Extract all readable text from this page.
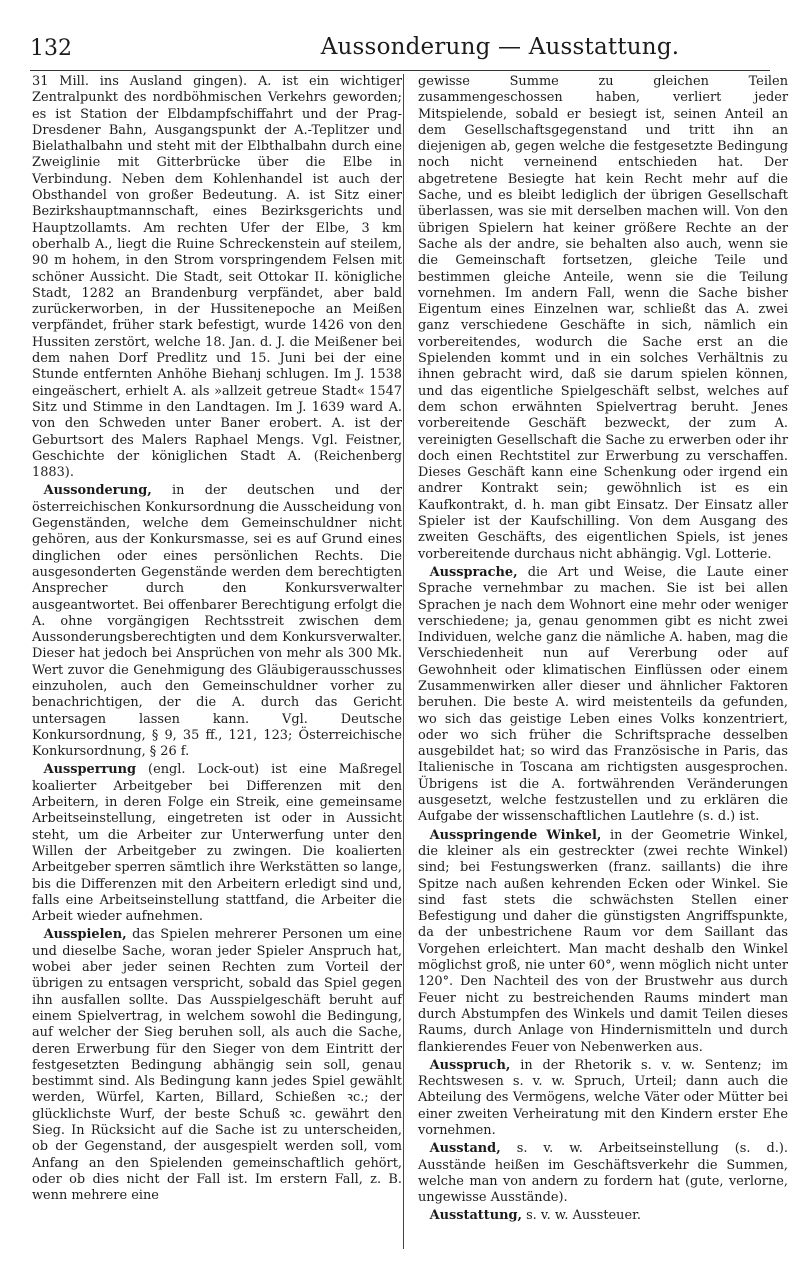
132	Aussonderung — Ausstattung.

31 Mill. ins Ausland gingen). A. ist ein wichtiger Zentralpunkt des nordböhmischen Verkehrs geworden; es ist Station der Elbdampfschiffahrt und der Prag-Dresdener Bahn, Ausgangspunkt der A.-Teplitzer und Bielathalbahn und steht mit der Elbthalbahn durch eine Zweiglinie mit Gitterbrücke über die Elbe in Verbindung. Neben dem Kohlenhandel ist auch der Obsthandel von großer Bedeutung. A. ist Sitz einer Bezirkshauptmannschaft, eines Bezirksgerichts und Hauptzollamts. Am rechten Ufer der Elbe, 3 km oberhalb A., liegt die Ruine Schreckenstein auf steilem, 90 m hohem, in den Strom vorspringendem Felsen mit schöner Aussicht. Die Stadt, seit Ottokar II. königliche Stadt, 1282 an Brandenburg verpfändet, aber bald zurückerworben, in der Hussitenepoche an Meißen verpfändet, früher stark befestigt, wurde 1426 von den Hussiten zerstört, welche 18. Jan. d. J. die Meißener bei dem nahen Dorf Predlitz und 15. Juni bei der eine Stunde entfernten Anhöhe Biehanj schlugen. Im J. 1538 eingeäschert, erhielt A. als »allzeit getreue Stadt« 1547 Sitz und Stimme in den Landtagen. Im J. 1639 ward A. von den Schweden unter Baner erobert. A. ist der Geburtsort des Malers Raphael Mengs. Vgl. Feistner, Geschichte der königlichen Stadt A. (Reichenberg 1883).

Aussonderung, in der deutschen und der österreichischen Konkursordnung die Ausscheidung von Gegenständen, welche dem Gemeinschuldner nicht gehören, aus der Konkursmasse, sei es auf Grund eines dinglichen oder eines persönlichen Rechts. Die ausgesonderten Gegenstände werden dem berechtigten Ansprecher durch den Konkursverwalter ausgeantwortet. Bei offenbarer Berechtigung erfolgt die A. ohne vorgängigen Rechtsstreit zwischen dem Aussonderungsberechtigten und dem Konkursverwalter. Dieser hat jedoch bei Ansprüchen von mehr als 300 Mk. Wert zuvor die Genehmigung des Gläubigerausschusses einzuholen, auch den Gemeinschuldner vorher zu benachrichtigen, der die A. durch das Gericht untersagen lassen kann. Vgl. Deutsche Konkursordnung, § 9, 35 ff., 121, 123; Österreichische Konkursordnung, § 26 f.

Aussperrung (engl. Lock-out) ist eine Maßregel koalierter Arbeitgeber bei Differenzen mit den Arbeitern, in deren Folge ein Streik, eine gemeinsame Arbeitseinstellung, eingetreten ist oder in Aussicht steht, um die Arbeiter zur Unterwerfung unter den Willen der Arbeitgeber zu zwingen. Die koalierten Arbeitgeber sperren sämtlich ihre Werkstätten so lange, bis die Differenzen mit den Arbeitern erledigt sind und, falls eine Arbeitseinstellung stattfand, die Arbeiter die Arbeit wieder aufnehmen.

Ausspielen, das Spielen mehrerer Personen um eine und dieselbe Sache, woran jeder Spieler Anspruch hat, wobei aber jeder seinen Rechten zum Vorteil der übrigen zu entsagen verspricht, sobald das Spiel gegen ihn ausfallen sollte. Das Ausspielgeschäft beruht auf einem Spielvertrag, in welchem sowohl die Bedingung, auf welcher der Sieg beruhen soll, als auch die Sache, deren Erwerbung für den Sieger von dem Eintritt der festgesetzten Bedingung abhängig sein soll, genau bestimmt sind. Als Bedingung kann jedes Spiel gewählt werden, Würfel, Karten, Billard, Schießen ꝛc.; der glücklichste Wurf, der beste Schuß ꝛc. gewährt den Sieg. In Rücksicht auf die Sache ist zu unterscheiden, ob der Gegenstand, der ausgespielt werden soll, vom Anfang an den Spielenden gemeinschaftlich gehört, oder ob dies nicht der Fall ist. Im erstern Fall, z. B. wenn mehrere eine

gewisse Summe zu gleichen Teilen zusammengeschossen haben, verliert jeder Mitspielende, sobald er besiegt ist, seinen Anteil an dem Gesellschaftsgegenstand und tritt ihn an diejenigen ab, gegen welche die festgesetzte Bedingung noch nicht verneinend entschieden hat. Der abgetretene Besiegte hat kein Recht mehr auf die Sache, und es bleibt lediglich der übrigen Gesellschaft überlassen, was sie mit derselben machen will. Von den übrigen Spielern hat keiner größere Rechte an der Sache als der andre, sie behalten also auch, wenn sie die Gemeinschaft fortsetzen, gleiche Teile und bestimmen gleiche Anteile, wenn sie die Teilung vornehmen. Im andern Fall, wenn die Sache bisher Eigentum eines Einzelnen war, schließt das A. zwei ganz verschiedene Geschäfte in sich, nämlich ein vorbereitendes, wodurch die Sache erst an die Spielenden kommt und in ein solches Verhältnis zu ihnen gebracht wird, daß sie darum spielen können, und das eigentliche Spielgeschäft selbst, welches auf dem schon erwähnten Spielvertrag beruht. Jenes vorbereitende Geschäft bezweckt, der zum A. vereinigten Gesellschaft die Sache zu erwerben oder ihr doch einen Rechtstitel zur Erwerbung zu verschaffen. Dieses Geschäft kann eine Schenkung oder irgend ein andrer Kontrakt sein; gewöhnlich ist es ein Kaufkontrakt, d. h. man gibt Einsatz. Der Einsatz aller Spieler ist der Kaufschilling. Von dem Ausgang des zweiten Geschäfts, des eigentlichen Spiels, ist jenes vorbereitende durchaus nicht abhängig. Vgl. Lotterie.

Aussprache, die Art und Weise, die Laute einer Sprache vernehmbar zu machen. Sie ist bei allen Sprachen je nach dem Wohnort eine mehr oder weniger verschiedene; ja, genau genommen gibt es nicht zwei Individuen, welche ganz die nämliche A. haben, mag die Verschiedenheit nun auf Vererbung oder auf Gewohnheit oder klimatischen Einflüssen oder einem Zusammenwirken aller dieser und ähnlicher Faktoren beruhen. Die beste A. wird meistenteils da gefunden, wo sich das geistige Leben eines Volks konzentriert, oder wo sich früher die Schriftsprache desselben ausgebildet hat; so wird das Französische in Paris, das Italienische in Toscana am richtigsten ausgesprochen. Übrigens ist die A. fortwährenden Veränderungen ausgesetzt, welche festzustellen und zu erklären die Aufgabe der wissenschaftlichen Lautlehre (s. d.) ist.

Ausspringende Winkel, in der Geometrie Winkel, die kleiner als ein gestreckter (zwei rechte Winkel) sind; bei Festungswerken (franz. saillants) die ihre Spitze nach außen kehrenden Ecken oder Winkel. Sie sind fast stets die schwächsten Stellen einer Befestigung und daher die günstigsten Angriffspunkte, da der unbestrichene Raum vor dem Saillant das Vorgehen erleichtert. Man macht deshalb den Winkel möglichst groß, nie unter 60°, wenn möglich nicht unter 120°. Den Nachteil des von der Brustwehr aus durch Feuer nicht zu bestreichenden Raums mindert man durch Abstumpfen des Winkels und damit Teilen dieses Raums, durch Anlage von Hindernismitteln und durch flankierendes Feuer von Nebenwerken aus.

Ausspruch, in der Rhetorik s. v. w. Sentenz; im Rechtswesen s. v. w. Spruch, Urteil; dann auch die Abteilung des Vermögens, welche Väter oder Mütter bei einer zweiten Verheiratung mit den Kindern erster Ehe vornehmen.

Ausstand, s. v. w. Arbeitseinstellung (s. d.). Ausstände heißen im Geschäftsverkehr die Summen, welche man von andern zu fordern hat (gute, verlorne, ungewisse Ausstände).

Ausstattung, s. v. w. Aussteuer.
